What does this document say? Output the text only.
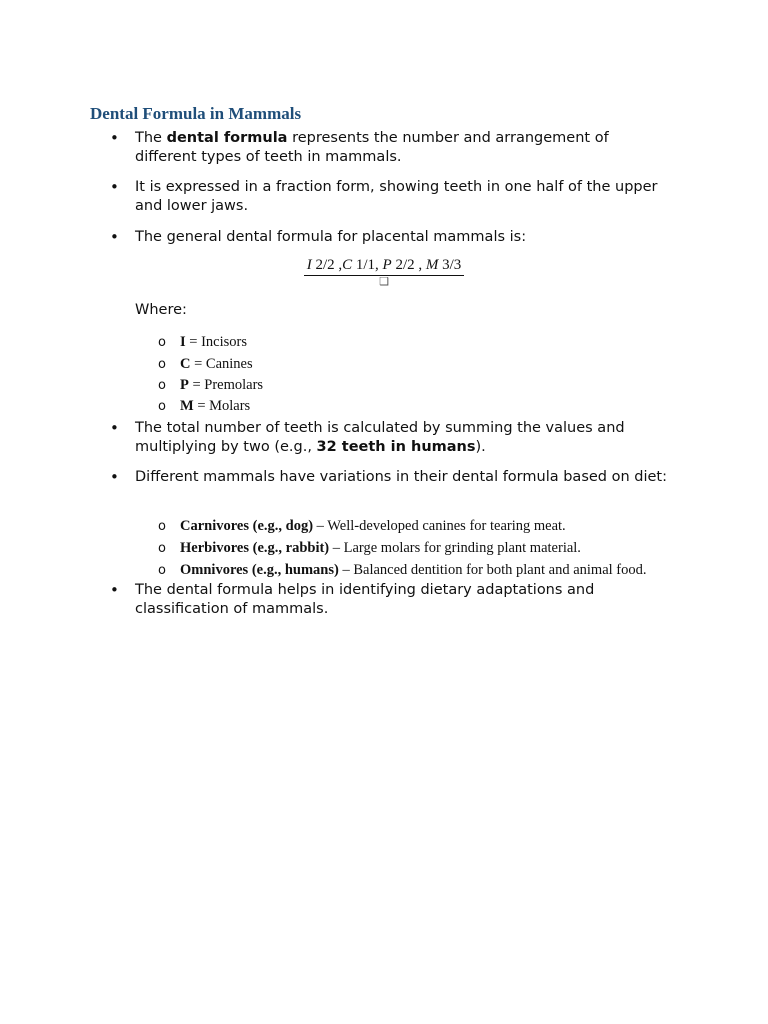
Dental Formula in Mammals
• The dental formula represents the number and arrangement of different types of teeth in mammals.
• It is expressed in a fraction form, showing teeth in one half of the upper and lower jaws.
• The general dental formula for placental mammals is:
I 2/2 ,C 1/1, P 2/2 , M 3/3
❑
Where:
o I = Incisors
o C = Canines
o P = Premolars
o M = Molars
• The total number of teeth is calculated by summing the values and multiplying by two (e.g., 32 teeth in humans).
• Different mammals have variations in their dental formula based on diet:
o Carnivores (e.g., dog) – Well-developed canines for tearing meat.
o Herbivores (e.g., rabbit) – Large molars for grinding plant material.
o Omnivores (e.g., humans) – Balanced dentition for both plant and animal food.
• The dental formula helps in identifying dietary adaptations and classification of mammals.
